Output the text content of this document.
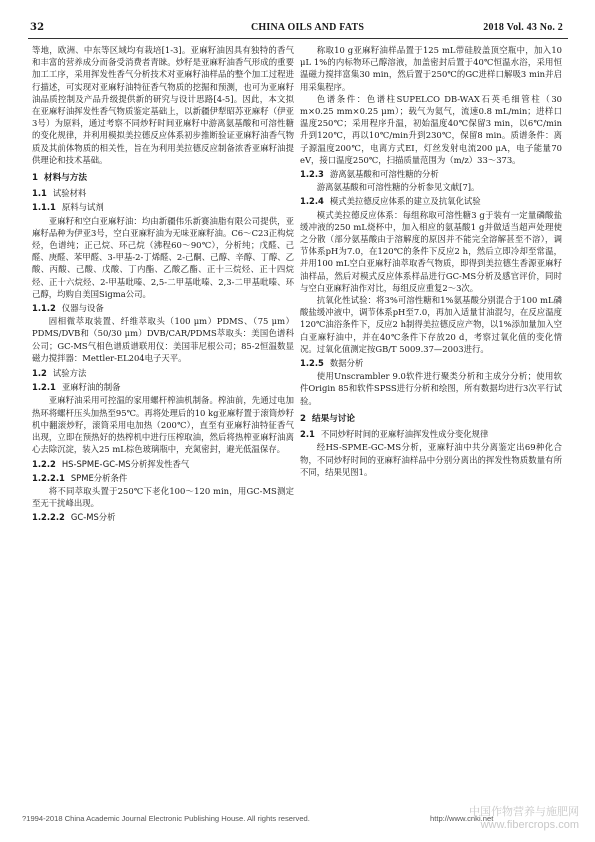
32	CHINA OILS AND FATS	2018 Vol. 43 No. 2

等地，欧洲、中东等区域均有栽培[1-3]。亚麻籽油因具有独特的香气和丰富的营养成分而备受消费者青睐。炒籽是亚麻籽油香气形成的重要加工工序，采用挥发性香气分析技术对亚麻籽油样品的整个加工过程进行描述，可实现对亚麻籽油特征香气物质的挖掘和预测，也可为亚麻籽油品质控制及产品升级提供新的研究与设计思路[4-5]。因此，本文拟在亚麻籽油挥发性香气物质鉴定基础上，以新疆伊犁昭苏亚麻籽（伊亚3号）为原料，通过考察不同炒籽时间亚麻籽中游离氨基酸和可溶性糖的变化规律，并利用模拟美拉德反应体系初步推断验证亚麻籽油香气物质及其前体物质的相关性，旨在为利用美拉德反应制备浓香亚麻籽油提供理论和技术基础。

1 材料与方法
1.1 试验材料
1.1.1 原料与试剂

亚麻籽和空白亚麻籽油：均由新疆伟乐新赛油脂有限公司提供，亚麻籽品种为伊亚3号，空白亚麻籽油为无味亚麻籽油。C6～C23正构烷烃，色谱纯；正己烷、环己烷（沸程60～90℃），分析纯；戊醛、己醛、庚醛、苯甲醛、3-甲基-2-丁烯醛、2-己酮、己醇、辛醇、丁醇、乙酸、丙酸、己酸、戊酸、丁内酯、乙酸乙酯、正十三烷烃、正十四烷烃、正十六烷烃、2-甲基吡嗪、2,5-二甲基吡嗪、2,3-二甲基吡嗪、环己醇，均购自美国Sigma公司。

1.1.2 仪器与设备

固相微萃取装置、纤维萃取头（100 μm）PDMS、（75 μm）PDMS/DVB和（50/30 μm）DVB/CAR/PDMS萃取头：美国色谱科公司；GC-MS气相色谱质谱联用仪：美国菲尼根公司；85-2恒温数显磁力搅拌器：Mettler-EL204电子天平。

1.2 试验方法
1.2.1 亚麻籽油的制备

亚麻籽油采用可控温的家用螺杆榨油机制备。榨油前，先通过电加热环将螺杆压头加热至95℃。再将处理后的10 kg亚麻籽置于滚筒炒籽机中翻滚炒籽，滚筒采用电加热（200℃），直至有亚麻籽油特征香气出现，立即在预热好的热榨机中进行压榨取油，然后将热榨亚麻籽油离心去除沉淀，装入25 mL棕色玻璃瓶中，充氮密封，避光低温保存。

1.2.2 HS-SPME-GC-MS分析挥发性香气
1.2.2.1 SPME分析条件

将不同萃取头置于250℃下老化100～120 min，用GC-MS测定至无干扰峰出现。

1.2.2.2 GC-MS分析

称取10 g亚麻籽油样品置于125 mL带硅胶盖顶空瓶中，加入10 μL 1%的内标物环己醇溶液，加盖密封后置于40℃恒温水浴，采用恒温磁力搅拌富集30 min，然后置于250℃的GC进样口解吸3 min并启用采集程序。

色谱条件：色谱柱SUPELCO DB-WAX石英毛细管柱（30 m×0.25 mm×0.25 μm）；载气为氦气，流速0.8 mL/min；进样口温度250℃；采用程序升温，初始温度40℃保留3 min，以6℃/min升到120℃，再以10℃/min升到230℃，保留8 min。质谱条件：离子源温度200℃，电离方式EI，灯丝发射电流200 μA，电子能量70 eV，接口温度250℃，扫描质量范围为（m/z）33～373。

1.2.3 游离氨基酸和可溶性糖的分析

游离氨基酸和可溶性糖的分析参见文献[7]。

1.2.4 模式美拉德反应体系的建立及抗氧化试验

模式美拉德反应体系：每组称取可溶性糖3 g于装有一定量磷酸盐缓冲液的250 mL烧杯中，加入相应的氨基酸1 g并做适当超声处理使之分散（部分氨基酸由于溶解度的原因并不能完全溶解甚至不溶），调节体系pH为7.0，在120℃的条件下反应2 h，然后立即冷却至常温，并用100 mL空白亚麻籽油萃取香气物质，即得到美拉德生香源亚麻籽油样品，然后对模式反应体系样品进行GC-MS分析及感官评价，同时与空白亚麻籽油作对比，每组反应重复2～3次。

抗氧化性试验：将3%可溶性糖和1%氨基酸分别混合于100 mL磷酸盐缓冲液中，调节体系pH至7.0，再加入适量甘油混匀，在反应温度120℃油浴条件下，反应2 h制得美拉德反应产物，以1%添加量加入空白亚麻籽油中，并在40℃条件下存放20 d，考察过氧化值的变化情况。过氧化值测定按GB/T 5009.37—2003进行。

1.2.5 数据分析

使用Unscrambler 9.0软件进行聚类分析和主成分分析；使用软件Origin 85和软件SPSS进行分析和绘图，所有数据均进行3次平行试验。

2 结果与讨论
2.1 不同炒籽时间的亚麻籽油挥发性成分变化规律

经HS-SPME-GC-MS分析，亚麻籽油中共分离鉴定出69种化合物，不同炒籽时间的亚麻籽油样品中分别分离出的挥发性物质数量有所不同，结果见图1。

?1994-2018 China Academic Journal Electronic Publishing House. All rights reserved.	http://www.cnki.net
中国作物营养与施肥网
www.fibercrops.com
